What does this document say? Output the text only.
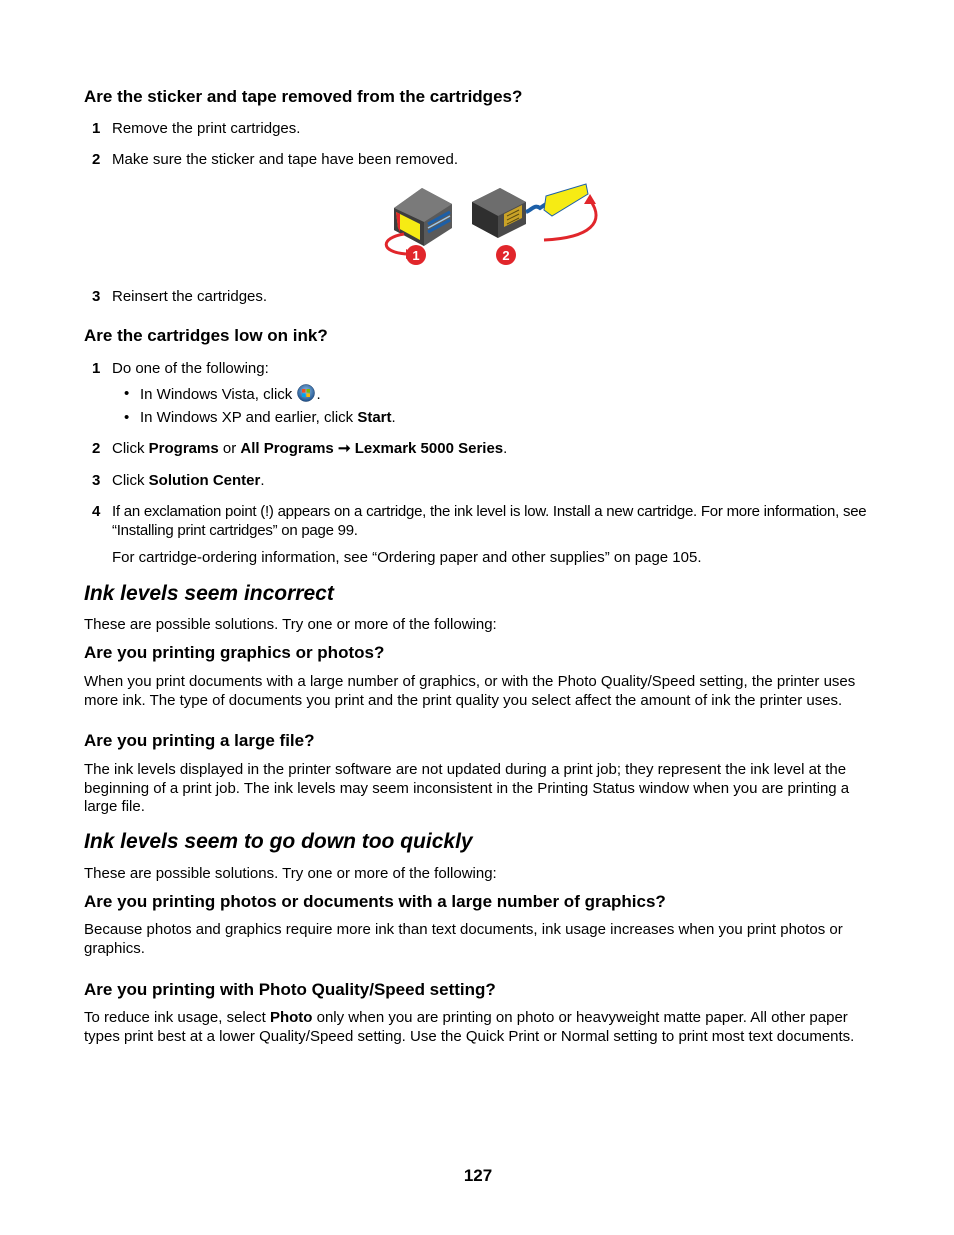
Are the sticker and tape removed from the cartridges?
1 Remove the print cartridges.
2 Make sure the sticker and tape have been removed.
1	2
3 Reinsert the cartridges.
Are the cartridges low on ink?
1 Do one of the following:
• In Windows Vista, click .
• In Windows XP and earlier, click Start.
2 Click Programs or All Programs ➞ Lexmark 5000 Series.
3 Click Solution Center.
4 If an exclamation point (!) appears on a cartridge, the ink level is low. Install a new cartridge. For more information, see “Installing print cartridges” on page 99.

For cartridge-ordering information, see “Ordering paper and other supplies” on page 105.

Ink levels seem incorrect

These are possible solutions. Try one or more of the following:

Are you printing graphics or photos?

When you print documents with a large number of graphics, or with the Photo Quality/Speed setting, the printer uses more ink. The type of documents you print and the print quality you select affect the amount of ink the printer uses.

Are you printing a large file?

The ink levels displayed in the printer software are not updated during a print job; they represent the ink level at the beginning of a print job. The ink levels may seem inconsistent in the Printing Status window when you are printing a large file.

Ink levels seem to go down too quickly

These are possible solutions. Try one or more of the following:

Are you printing photos or documents with a large number of graphics?

Because photos and graphics require more ink than text documents, ink usage increases when you print photos or graphics.

Are you printing with Photo Quality/Speed setting?

To reduce ink usage, select Photo only when you are printing on photo or heavyweight matte paper. All other paper types print best at a lower Quality/Speed setting. Use the Quick Print or Normal setting to print most text documents.

127
